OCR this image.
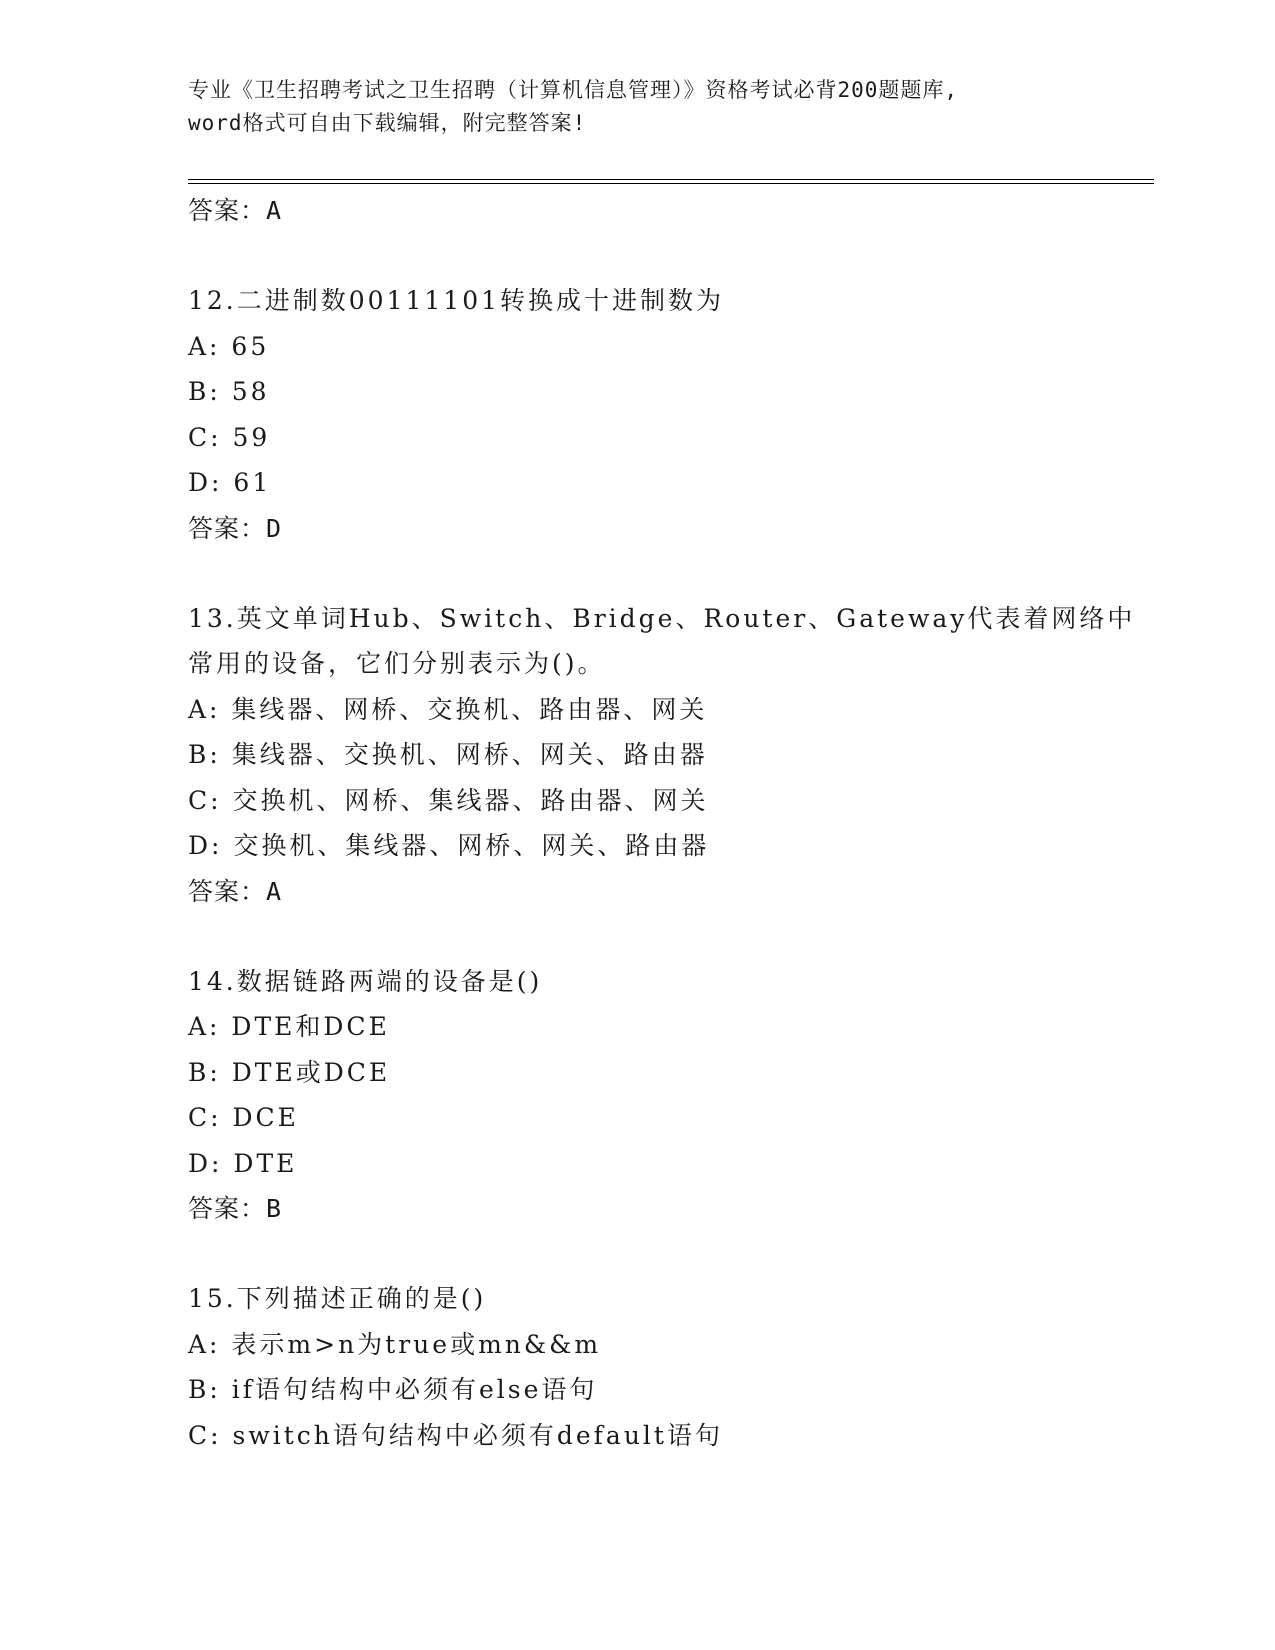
专业《卫生招聘考试之卫生招聘（计算机信息管理）》资格考试必背200题题库,
word格式可自由下载编辑，附完整答案!
答案：A
12.二进制数00111101转换成十进制数为
A: 65
B: 58
C: 59
D: 61
答案：D
13.英文单词Hub、Switch、Bridge、Router、Gateway代表着网络中
常用的设备，它们分别表示为()。
A: 集线器、网桥、交换机、路由器、网关
B: 集线器、交换机、网桥、网关、路由器
C: 交换机、网桥、集线器、路由器、网关
D: 交换机、集线器、网桥、网关、路由器
答案：A
14.数据链路两端的设备是()
A: DTE和DCE
B: DTE或DCE
C: DCE
D: DTE
答案：B
15.下列描述正确的是()
A: 表示m>n为true或mn&&m
B: if语句结构中必须有else语句
C: switch语句结构中必须有default语句
